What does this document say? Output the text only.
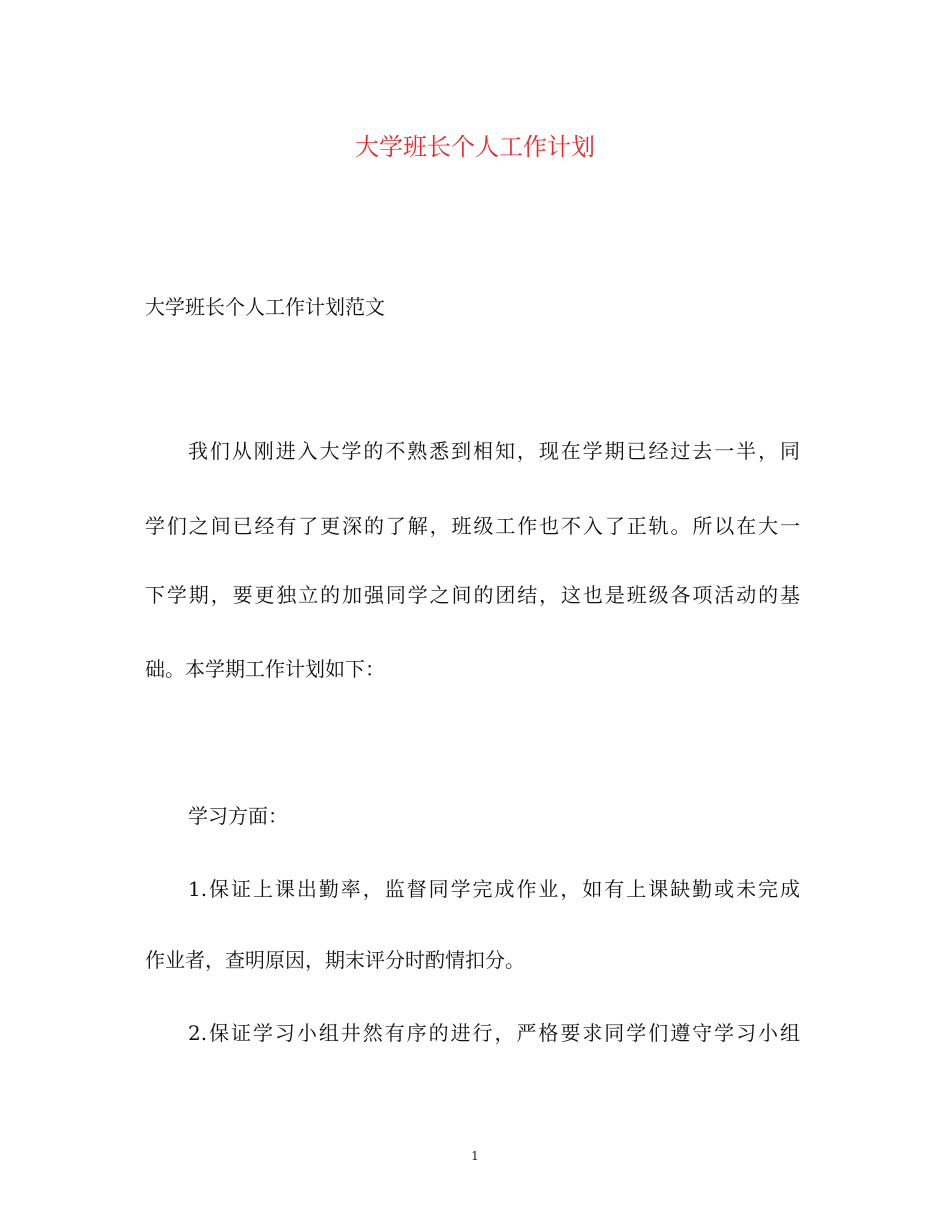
大学班长个人工作计划
大学班长个人工作计划范文
我们从刚进入大学的不熟悉到相知，现在学期已经过去一半，同
学们之间已经有了更深的了解，班级工作也不入了正轨。所以在大一
下学期，要更独立的加强同学之间的团结，这也是班级各项活动的基
础。本学期工作计划如下：
学习方面：
1.保证上课出勤率，监督同学完成作业，如有上课缺勤或未完成
作业者，查明原因，期末评分时酌情扣分。
2.保证学习小组井然有序的进行，严格要求同学们遵守学习小组
1
